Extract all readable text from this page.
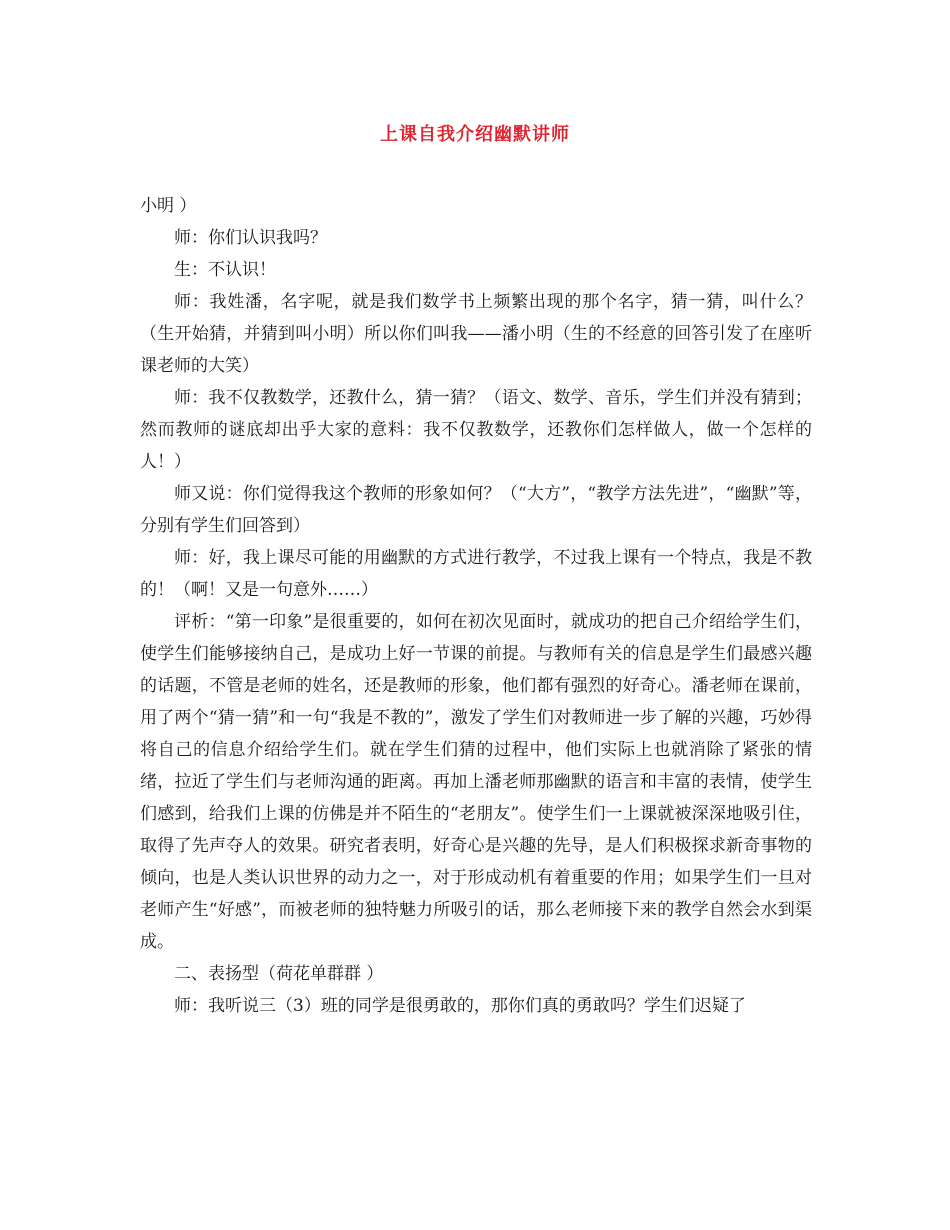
上课自我介绍幽默讲师

小明 ）

师：你们认识我吗？

生：不认识！

师：我姓潘，名字呢，就是我们数学书上频繁出现的那个名字，猜一猜，叫什么？（生开始猜，并猜到叫小明）所以你们叫我——潘小明（生的不经意的回答引发了在座听课老师的大笑）

师：我不仅教数学，还教什么，猜一猜？（语文、数学、音乐，学生们并没有猜到；然而教师的谜底却出乎大家的意料：我不仅教数学，还教你们怎样做人，做一个怎样的人！）

师又说：你们觉得我这个教师的形象如何？（“大方”，“教学方法先进”，“幽默”等，分别有学生们回答到）

师：好，我上课尽可能的用幽默的方式进行教学，不过我上课有一个特点，我是不教的！（啊！又是一句意外……）

评析：“第一印象”是很重要的，如何在初次见面时，就成功的把自己介绍给学生们，使学生们能够接纳自己，是成功上好一节课的前提。与教师有关的信息是学生们最感兴趣的话题，不管是老师的姓名，还是教师的形象，他们都有强烈的好奇心。潘老师在课前，用了两个“猜一猜”和一句“我是不教的”，激发了学生们对教师进一步了解的兴趣，巧妙得将自己的信息介绍给学生们。就在学生们猜的过程中，他们实际上也就消除了紧张的情绪，拉近了学生们与老师沟通的距离。再加上潘老师那幽默的语言和丰富的表情，使学生们感到，给我们上课的仿佛是并不陌生的“老朋友”。使学生们一上课就被深深地吸引住，取得了先声夺人的效果。研究者表明，好奇心是兴趣的先导，是人们积极探求新奇事物的倾向，也是人类认识世界的动力之一，对于形成动机有着重要的作用；如果学生们一旦对老师产生“好感”，而被老师的独特魅力所吸引的话，那么老师接下来的教学自然会水到渠成。

二、表扬型（荷花单群群 ）

师：我听说三（3）班的同学是很勇敢的，那你们真的勇敢吗？学生们迟疑了
